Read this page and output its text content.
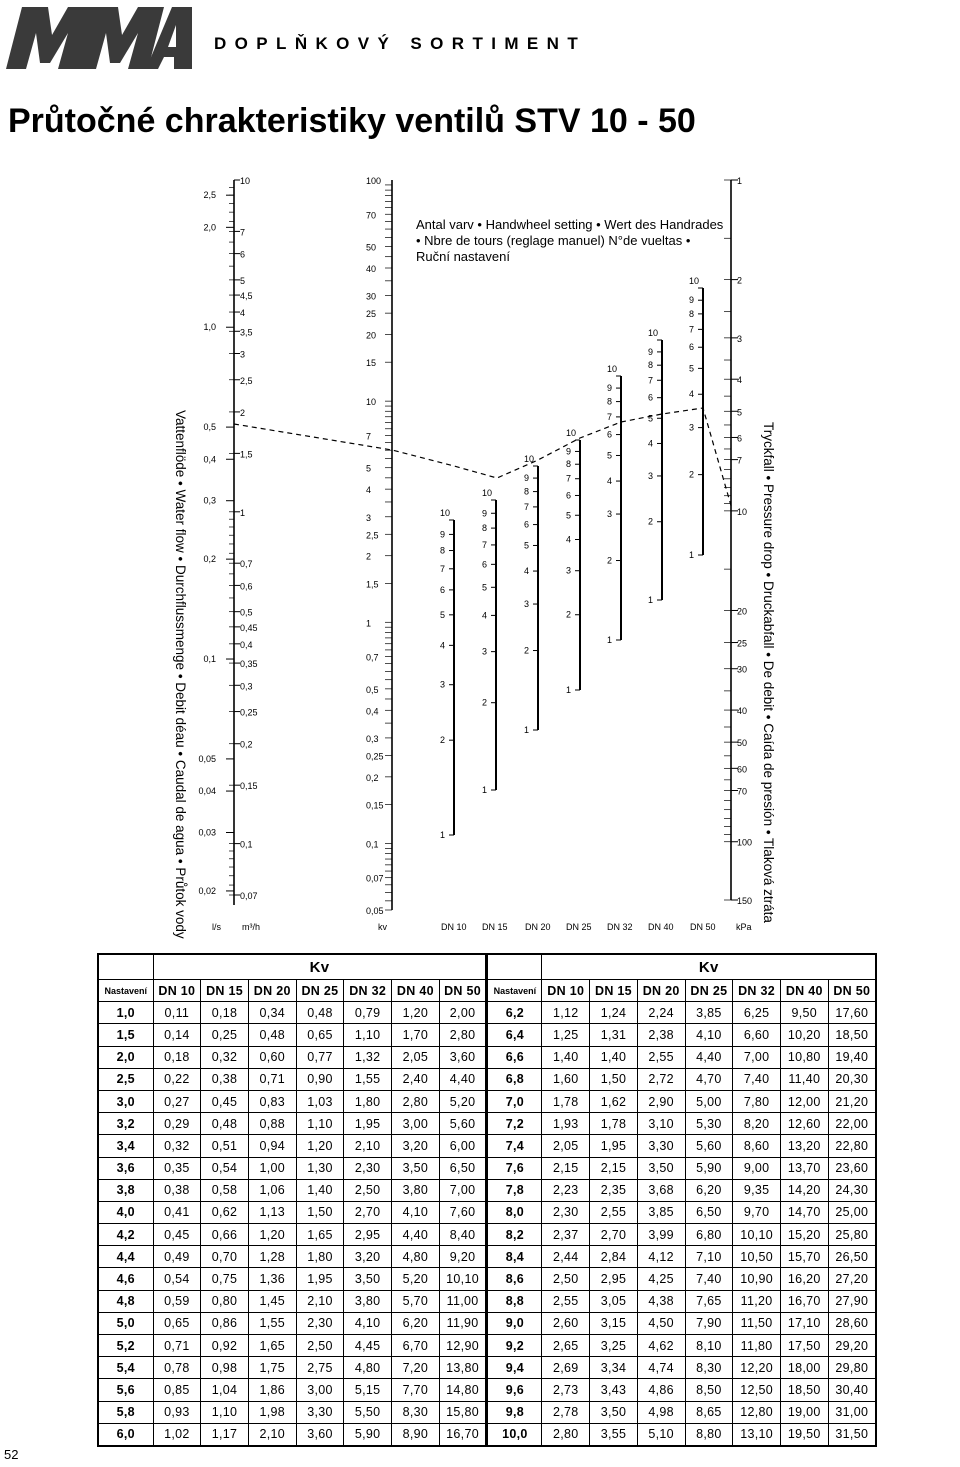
DOPLŇKOVÝ SORTIMENT
Průtočné chrakteristiky ventilů STV 10 - 50
2,5
2,0
1,0
0,5
0,4
0,3
0,2
0,1
0,05
0,04
0,03
0,02
10
7
6
5
4,5
4
3,5
3
2,5
2
1,5
1
0,7
0,6
0,5
0,45
0,4
0,35
0,3
0,25
0,2
0,15
0,1
0,07
100
70
50
40
30
25
20
15
10
7
5
4
3
2,5
2
1,5
1
0,7
0,5
0,4
0,3
0,25
0,2
0,15
0,1
0,07
0,05
1
2
3
4
5
6
7
10
20
25
30
40
50
60
70
100
150
10
9
8
7
6
5
4
3
2
1
DN 10
10
9
8
7
6
5
4
3
2
1
DN 15
10
9
8
7
6
5
4
3
2
1
DN 20
10
9
8
7
6
5
4
3
2
1
DN 25
10
9
8
7
6
5
4
3
2
1
DN 32
10
9
8
7
6
5
4
3
2
1
DN 40
10
9
8
7
6
5
4
3
2
1
DN 50
Vattenflöde • Water flow • Durchflussmenge • Debit déau • Caudal de agua • Průtok vody	Tryckfall • Pressure drop • Druckabfall • De debit • Caída de presión • Tlaková ztráta
Antal varv • Handwheel setting • Wert des Handrades
• Nbre de tours (reglage manuel) N°de vueltas •
Ruční nastavení
l/s m³/h	kv	kPa
	Kv								Kv						
Nastavení	DN 10	DN 15	DN 20	DN 25	DN 32	DN 40	DN 50	Nastavení	DN 10	DN 15	DN 20	DN 25	DN 32	DN 40	DN 50
1,0	0,11	0,18	0,34	0,48	0,79	1,20	2,00	6,2	1,12	1,24	2,24	3,85	6,25	9,50	17,60
1,5	0,14	0,25	0,48	0,65	1,10	1,70	2,80	6,4	1,25	1,31	2,38	4,10	6,60	10,20	18,50
2,0	0,18	0,32	0,60	0,77	1,32	2,05	3,60	6,6	1,40	1,40	2,55	4,40	7,00	10,80	19,40
2,5	0,22	0,38	0,71	0,90	1,55	2,40	4,40	6,8	1,60	1,50	2,72	4,70	7,40	11,40	20,30
3,0	0,27	0,45	0,83	1,03	1,80	2,80	5,20	7,0	1,78	1,62	2,90	5,00	7,80	12,00	21,20
3,2	0,29	0,48	0,88	1,10	1,95	3,00	5,60	7,2	1,93	1,78	3,10	5,30	8,20	12,60	22,00
3,4	0,32	0,51	0,94	1,20	2,10	3,20	6,00	7,4	2,05	1,95	3,30	5,60	8,60	13,20	22,80
3,6	0,35	0,54	1,00	1,30	2,30	3,50	6,50	7,6	2,15	2,15	3,50	5,90	9,00	13,70	23,60
3,8	0,38	0,58	1,06	1,40	2,50	3,80	7,00	7,8	2,23	2,35	3,68	6,20	9,35	14,20	24,30
4,0	0,41	0,62	1,13	1,50	2,70	4,10	7,60	8,0	2,30	2,55	3,85	6,50	9,70	14,70	25,00
4,2	0,45	0,66	1,20	1,65	2,95	4,40	8,40	8,2	2,37	2,70	3,99	6,80	10,10	15,20	25,80
4,4	0,49	0,70	1,28	1,80	3,20	4,80	9,20	8,4	2,44	2,84	4,12	7,10	10,50	15,70	26,50
4,6	0,54	0,75	1,36	1,95	3,50	5,20	10,10	8,6	2,50	2,95	4,25	7,40	10,90	16,20	27,20
4,8	0,59	0,80	1,45	2,10	3,80	5,70	11,00	8,8	2,55	3,05	4,38	7,65	11,20	16,70	27,90
5,0	0,65	0,86	1,55	2,30	4,10	6,20	11,90	9,0	2,60	3,15	4,50	7,90	11,50	17,10	28,60
5,2	0,71	0,92	1,65	2,50	4,45	6,70	12,90	9,2	2,65	3,25	4,62	8,10	11,80	17,50	29,20
5,4	0,78	0,98	1,75	2,75	4,80	7,20	13,80	9,4	2,69	3,34	4,74	8,30	12,20	18,00	29,80
5,6	0,85	1,04	1,86	3,00	5,15	7,70	14,80	9,6	2,73	3,43	4,86	8,50	12,50	18,50	30,40
5,8	0,93	1,10	1,98	3,30	5,50	8,30	15,80	9,8	2,78	3,50	4,98	8,65	12,80	19,00	31,00
6,0	1,02	1,17	2,10	3,60	5,90	8,90	16,70	10,0	2,80	3,55	5,10	8,80	13,10	19,50	31,50
52
